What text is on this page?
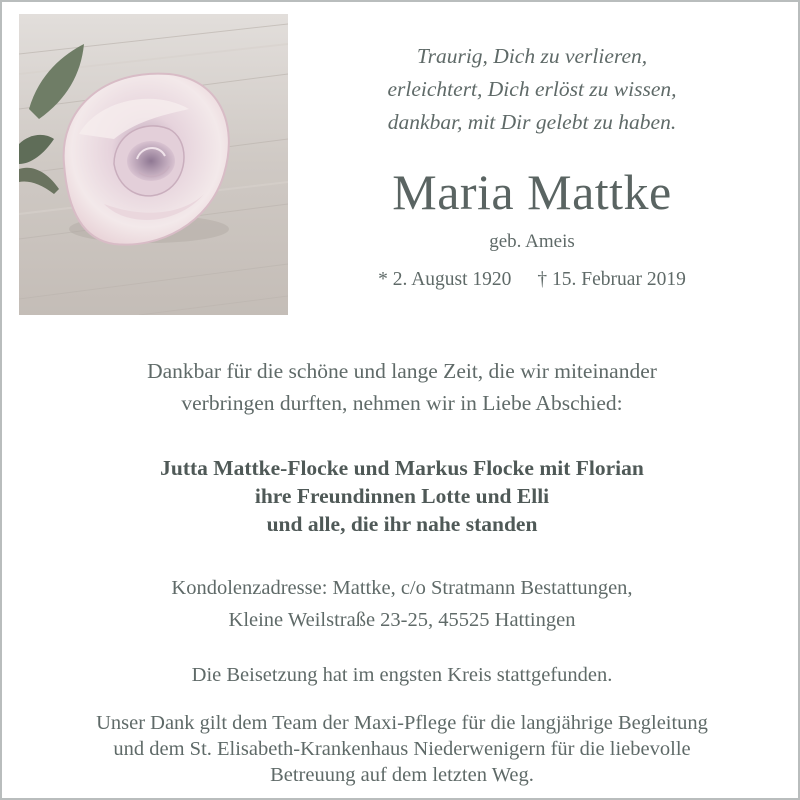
Traurig, Dich zu verlieren,
erleichtert, Dich erlöst zu wissen,
dankbar, mit Dir gelebt zu haben.
Maria Mattke
geb. Ameis
* 2. August 1920 † 15. Februar 2019
Dankbar für die schöne und lange Zeit, die wir miteinander
verbringen durften, nehmen wir in Liebe Abschied:
Jutta Mattke-Flocke und Markus Flocke mit Florian
ihre Freundinnen Lotte und Elli
und alle, die ihr nahe standen
Kondolenzadresse: Mattke, c/o Stratmann Bestattungen,
Kleine Weilstraße 23-25, 45525 Hattingen
Die Beisetzung hat im engsten Kreis stattgefunden.
Unser Dank gilt dem Team der Maxi-Pflege für die langjährige Begleitung
und dem St. Elisabeth-Krankenhaus Niederwenigern für die liebevolle
Betreuung auf dem letzten Weg.
